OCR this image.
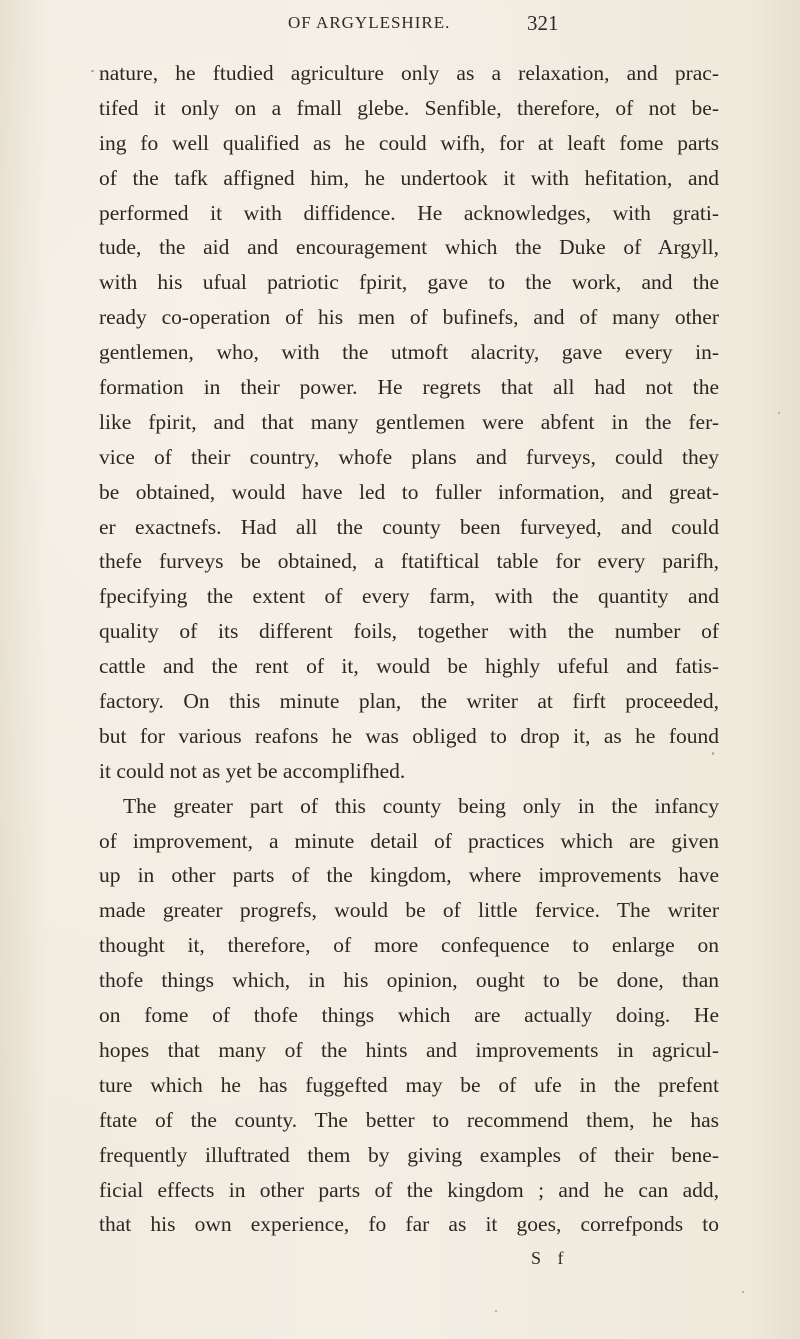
OF ARGYLESHIRE.	321
nature, he ftudied agriculture only as a relaxation, and prac-
tifed it only on a fmall glebe. Senfible, therefore, of not be-
ing fo well qualified as he could wifh, for at leaft fome parts
of the tafk affigned him, he undertook it with hefitation, and
performed it with diffidence. He acknowledges, with grati-
tude, the aid and encouragement which the Duke of Argyll,
with his ufual patriotic fpirit, gave to the work, and the
ready co-operation of his men of bufinefs, and of many other
gentlemen, who, with the utmoft alacrity, gave every in-
formation in their power. He regrets that all had not the
like fpirit, and that many gentlemen were abfent in the fer-
vice of their country, whofe plans and furveys, could they
be obtained, would have led to fuller information, and great-
er exactnefs. Had all the county been furveyed, and could
thefe furveys be obtained, a ftatiftical table for every parifh,
fpecifying the extent of every farm, with the quantity and
quality of its different foils, together with the number of
cattle and the rent of it, would be highly ufeful and fatis-
factory. On this minute plan, the writer at firft proceeded,
but for various reafons he was obliged to drop it, as he found
it could not as yet be accomplifhed.
The greater part of this county being only in the infancy
of improvement, a minute detail of practices which are given
up in other parts of the kingdom, where improvements have
made greater progrefs, would be of little fervice. The writer
thought it, therefore, of more confequence to enlarge on
thofe things which, in his opinion, ought to be done, than
on fome of thofe things which are actually doing. He
hopes that many of the hints and improvements in agricul-
ture which he has fuggefted may be of ufe in the prefent
ftate of the county. The better to recommend them, he has
frequently illuftrated them by giving examples of their bene-
ficial effects in other parts of the kingdom ; and he can add,
that his own experience, fo far as it goes, correfponds to
S f
